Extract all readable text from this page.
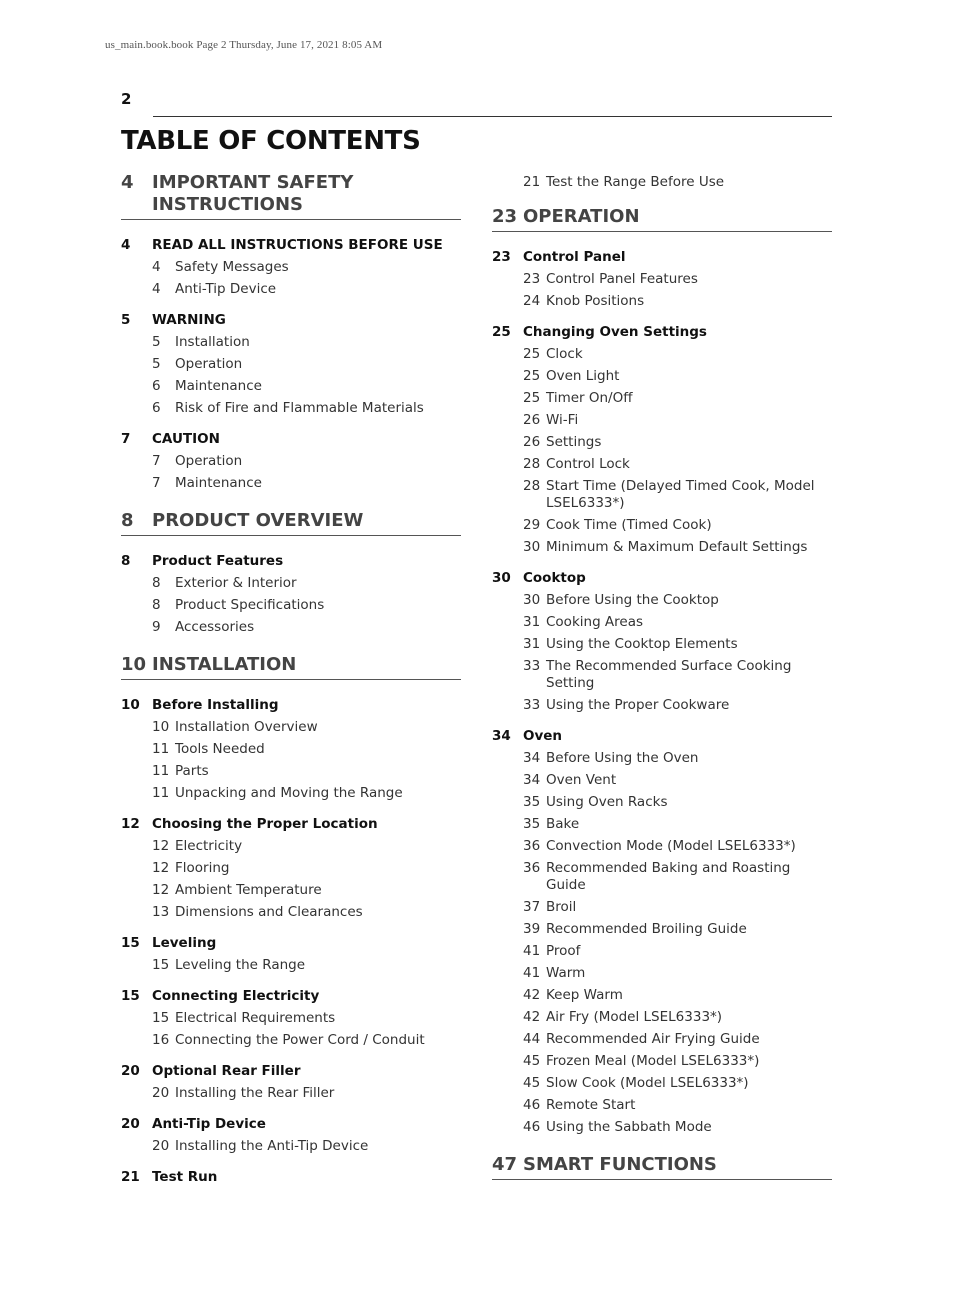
us_main.book.book Page 2 Thursday, June 17, 2021 8:05 AM
2
TABLE OF CONTENTS
4	IMPORTANT SAFETY INSTRUCTIONS
4	READ ALL INSTRUCTIONS BEFORE USE
4	Safety Messages
4	Anti-Tip Device
5	WARNING
5	Installation
5	Operation
6	Maintenance
6	Risk of Fire and Flammable Materials
7	CAUTION
7	Operation
7	Maintenance
8	PRODUCT OVERVIEW
8	Product Features
8	Exterior & Interior
8	Product Specifications
9	Accessories
10 INSTALLATION
10 Before Installing
10 Installation Overview
11 Tools Needed
11 Parts
11 Unpacking and Moving the Range
12 Choosing the Proper Location
12 Electricity
12 Flooring
12 Ambient Temperature
13 Dimensions and Clearances
15 Leveling
15 Leveling the Range
15 Connecting Electricity
15 Electrical Requirements
16 Connecting the Power Cord / Conduit
20 Optional Rear Filler
20 Installing the Rear Filler
20 Anti-Tip Device
20 Installing the Anti-Tip Device
21 Test Run
21 Test the Range Before Use
23 OPERATION
23 Control Panel
23 Control Panel Features
24 Knob Positions
25 Changing Oven Settings
25 Clock
25 Oven Light
25 Timer On/Off
26 Wi-Fi
26 Settings
28 Control Lock
28 Start Time (Delayed Timed Cook, Model LSEL6333*)
29 Cook Time (Timed Cook)
30 Minimum & Maximum Default Settings
30 Cooktop
30 Before Using the Cooktop
31 Cooking Areas
31 Using the Cooktop Elements
33 The Recommended Surface Cooking Setting
33 Using the Proper Cookware
34 Oven
34 Before Using the Oven
34 Oven Vent
35 Using Oven Racks
35 Bake
36 Convection Mode (Model LSEL6333*)
36 Recommended Baking and Roasting Guide
37 Broil
39 Recommended Broiling Guide
41 Proof
41 Warm
42 Keep Warm
42 Air Fry (Model LSEL6333*)
44 Recommended Air Frying Guide
45 Frozen Meal (Model LSEL6333*)
45 Slow Cook (Model LSEL6333*)
46 Remote Start
46 Using the Sabbath Mode
47 SMART FUNCTIONS
